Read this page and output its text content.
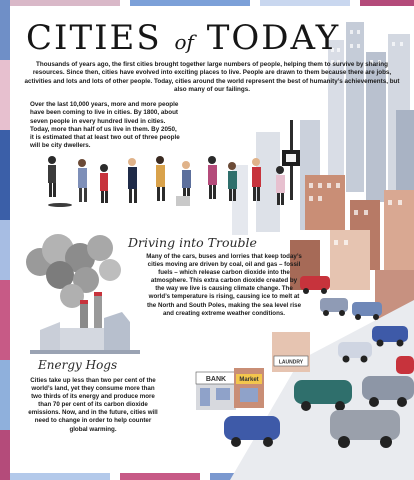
BANK Market
LAUNDRY
CITIES of TODAY

Thousands of years ago, the first cities brought together large numbers of people, helping them to survive by sharing resources. Since then, cities have evolved into exciting places to live. People are drawn to them because there are jobs, activities and lots and lots of other people. Today, cities around the world represent the best of humanity’s achievements, but also many of our failings.

Over the last 10,000 years, more and more people have been coming to live in cities. By 1800, about seven people in every hundred lived in cities. Today, more than half of us live in them. By 2050, it is estimated that at least two out of three people will be city dwellers.

Driving into Trouble

Many of the cars, buses and lorries that keep today’s cities moving are driven by coal, oil and gas – fossil fuels – which release carbon dioxide into the atmosphere. This extra carbon dioxide created by the way we live is causing climate change. The world’s temperature is rising, causing ice to melt at the North and South Poles, making the sea level rise and creating extreme weather conditions.

Energy Hogs

Cities take up less than two per cent of the world’s land, yet they consume more than two thirds of its energy and produce more than 70 per cent of its carbon dioxide emissions. Now, and in the future, cities will need to change in order to help counter global warming.
